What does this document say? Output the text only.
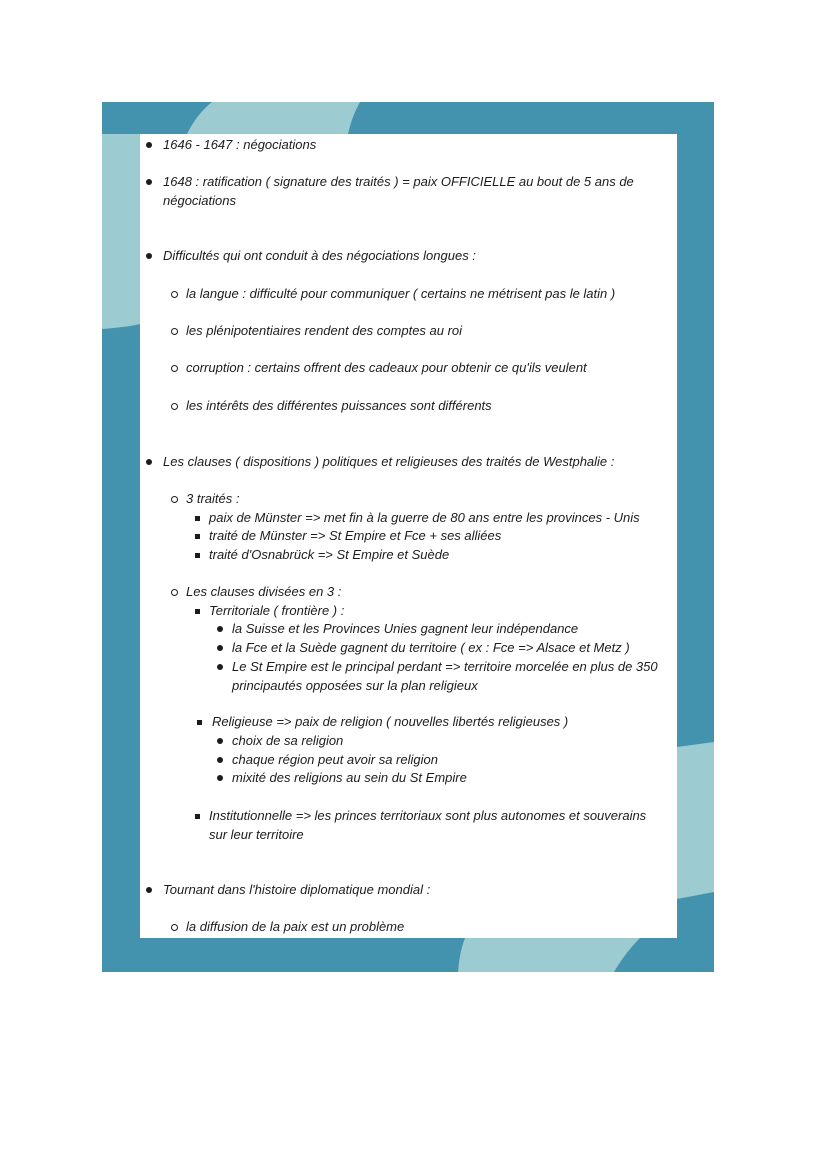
1646 - 1647 : négociations
1648 : ratification ( signature des traités ) = paix OFFICIELLE au bout de 5 ans de négociations
Difficultés qui ont conduit à des négociations longues :
la langue : difficulté pour communiquer ( certains ne métrisent pas le latin )
les plénipotentiaires rendent des comptes au roi
corruption : certains offrent des cadeaux pour obtenir ce qu'ils veulent
les intérêts des différentes puissances sont différents
Les clauses ( dispositions ) politiques et religieuses des traités de Westphalie :
3 traités :
paix de Münster => met fin à la guerre de 80 ans entre les provinces - Unis
traité de Münster => St Empire et Fce + ses alliées
traité d'Osnabrück => St Empire et Suède
Les clauses divisées en 3 :
Territoriale ( frontière ) :
la Suisse et les Provinces Unies gagnent leur indépendance
la Fce et la Suède gagnent du territoire ( ex : Fce => Alsace et Metz )
Le St Empire est le principal perdant => territoire morcelée en plus de 350 principautés opposées sur la plan religieux
Religieuse => paix de religion ( nouvelles libertés religieuses )
choix de sa religion
chaque région peut avoir sa religion
mixité des religions au sein du St Empire
Institutionnelle => les princes territoriaux sont plus autonomes et souverains sur leur territoire
Tournant dans l'histoire diplomatique mondial :
la diffusion de la paix est un problème
